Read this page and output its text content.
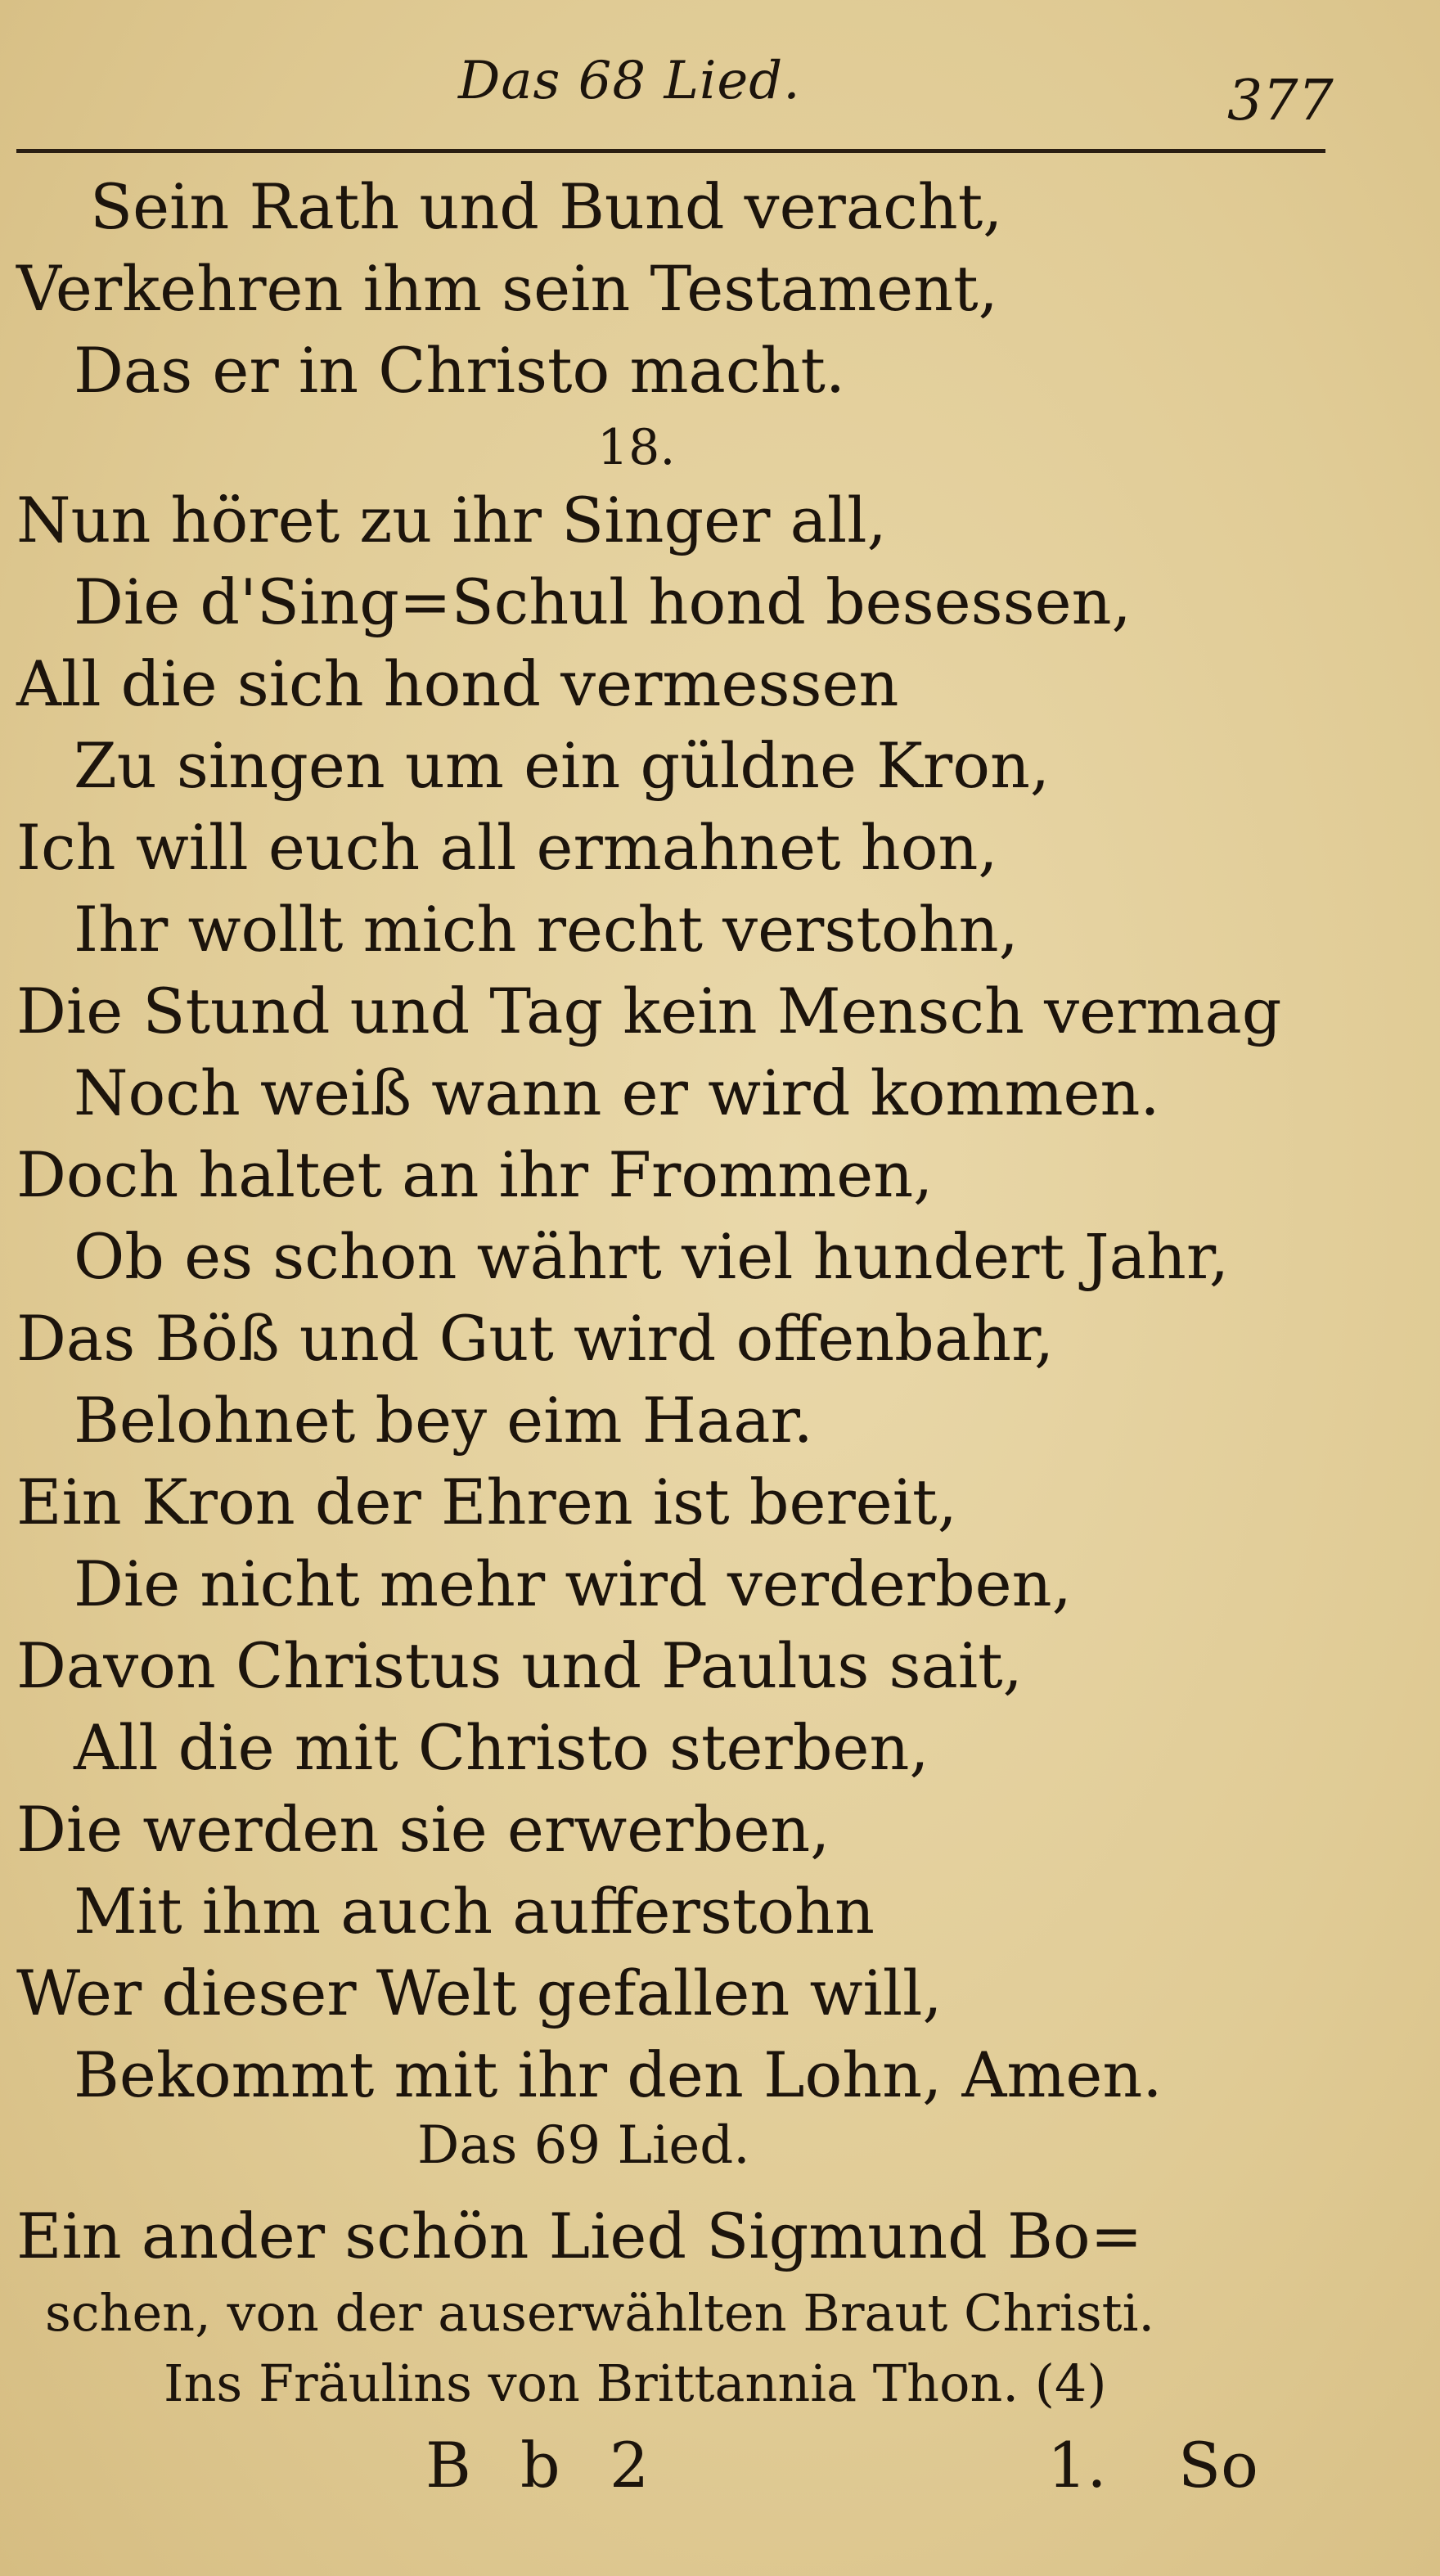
Das 68 Lied.	377
Sein Rath und Bund veracht,
Verkehren ihm sein Testament,
Das er in Christo macht.
18.
Nun höret zu ihr Singer all,
Die d'Sing=Schul hond besessen,
All die sich hond vermessen
Zu singen um ein güldne Kron,
Ich will euch all ermahnet hon,
Ihr wollt mich recht verstohn,
Die Stund und Tag kein Mensch vermag
Noch weiß wann er wird kommen.
Doch haltet an ihr Frommen,
Ob es schon währt viel hundert Jahr,
Das Böß und Gut wird offenbahr,
Belohnet bey eim Haar.
Ein Kron der Ehren ist bereit,
Die nicht mehr wird verderben,
Davon Christus und Paulus sait,
All die mit Christo sterben,
Die werden sie erwerben,
Mit ihm auch aufferstohn
Wer dieser Welt gefallen will,
Bekommt mit ihr den Lohn, Amen.
Das 69 Lied.
Ein ander schön Lied Sigmund Bo=
schen, von der auserwählten Braut Christi.
Ins Fräulins von Brittannia Thon. (4)
B b 2	1. So
